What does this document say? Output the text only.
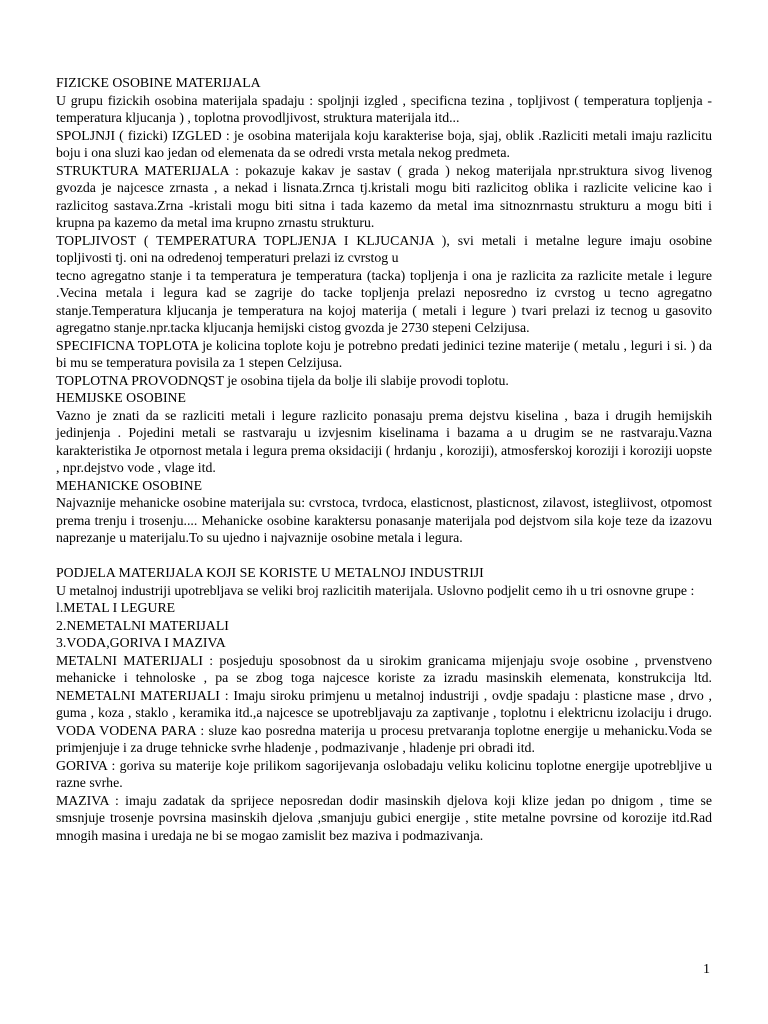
FIZICKE OSOBINE MATERIJALA

U grupu fizickih osobina materijala spadaju : spoljnji izgled , specificna tezina , topljivost ( temperatura topljenja -temperatura kljucanja ) , toplotna provodljivost, struktura materijala itd...

SPOLJNJI ( fizicki) IZGLED : je osobina materijala koju karakterise boja, sjaj, oblik .Razliciti metali imaju razlicitu boju i ona sluzi kao jedan od elemenata da se odredi vrsta metala nekog predmeta.

STRUKTURA MATERIJALA : pokazuje kakav je sastav ( grada ) nekog materijala npr.struktura sivog livenog gvozda je najcesce zrnasta , a nekad i lisnata.Zrnca tj.kristali mogu biti razlicitog oblika i razlicite velicine kao i razlicitog sastava.Zrna -kristali mogu biti sitna i tada kazemo da metal ima sitnoznrnastu strukturu a mogu biti i krupna pa kazemo da metal ima krupno zrnastu strukturu.

TOPLJIVOST ( TEMPERATURA TOPLJENJA I KLJUCANJA ), svi metali i metalne legure imaju osobine topljivosti tj. oni na odredenoj temperaturi prelazi iz cvrstog u

tecno agregatno stanje i ta temperatura je temperatura (tacka) topljenja i ona je razlicita za razlicite metale i legure .Vecina metala i legura kad se zagrije do tacke topljenja prelazi neposredno iz cvrstog u tecno agregatno stanje.Temperatura kljucanja je temperatura na kojoj materija ( metali i legure ) tvari prelazi iz tecnog u gasovito agregatno stanje.npr.tacka kljucanja hemijski cistog gvozda je 2730 stepeni Celzijusa.

SPECIFICNA TOPLOTA je kolicina toplote koju je potrebno predati jedinici tezine materije ( metalu , leguri i si. ) da bi mu se temperatura povisila za 1 stepen Celzijusa.

TOPLOTNA PROVODNQST je osobina tijela da bolje ili slabije provodi toplotu.

HEMIJSKE OSOBINE

Vazno je znati da se razliciti metali i legure razlicito ponasaju prema dejstvu kiselina , baza i drugih hemijskih jedinjenja . Pojedini metali se rastvaraju u izvjesnim kiselinama i bazama a u drugim se ne rastvaraju.Vazna karakteristika Je otpornost metala i legura prema oksidaciji ( hrdanju , koroziji), atmosferskoj koroziji i koroziji uopste , npr.dejstvo vode , vlage itd.

MEHANICKE OSOBINE

Najvaznije mehanicke osobine materijala su: cvrstoca, tvrdoca, elasticnost, plasticnost, zilavost, istegliivost, otpomost prema trenju i trosenju.... Mehanicke osobine karaktersu ponasanje materijala pod dejstvom sila koje teze da izazovu naprezanje u materijalu.To su ujedno i najvaznije osobine metala i legura.

PODJELA MATERIJALA KOJI SE KORISTE U METALNOJ INDUSTRIJI

U metalnoj industriji upotrebljava se veliki broj razlicitih materijala. Uslovno podjelit cemo ih u tri osnovne grupe :

l.METAL I LEGURE

2.NEMETALNI MATERIJALI

3.VODA,GORIVA I MAZIVA

METALNI MATERIJALI : posjeduju sposobnost da u sirokim granicama mijenjaju svoje osobine , prvenstveno mehanicke i tehnoloske , pa se zbog toga najcesce koriste za izradu masinskih elemenata, konstrukcija ltd. NEMETALNI MATERIJALI : Imaju siroku primjenu u metalnoj industriji , ovdje spadaju : plasticne mase , drvo , guma , koza , staklo , keramika itd.,a najcesce se upotrebljavaju za zaptivanje , toplotnu i elektricnu izolaciju i drugo. VODA VODENA PARA : sluze kao posredna materija u procesu pretvaranja toplotne energije u mehanicku.Voda se primjenjuje i za druge tehnicke svrhe hladenje , podmazivanje , hladenje pri obradi itd.

GORIVA : goriva su materije koje prilikom sagorijevanja oslobadaju veliku kolicinu toplotne energije upotrebljive u razne svrhe.

MAZIVA : imaju zadatak da sprijece neposredan dodir masinskih djelova koji klize jedan po dnigom , time se smsnjuje trosenje povrsina masinskih djelova ,smanjuju gubici energije , stite metalne povrsine od korozije itd.Rad mnogih masina i uredaja ne bi se mogao zamislit bez maziva i podmazivanja.

1
